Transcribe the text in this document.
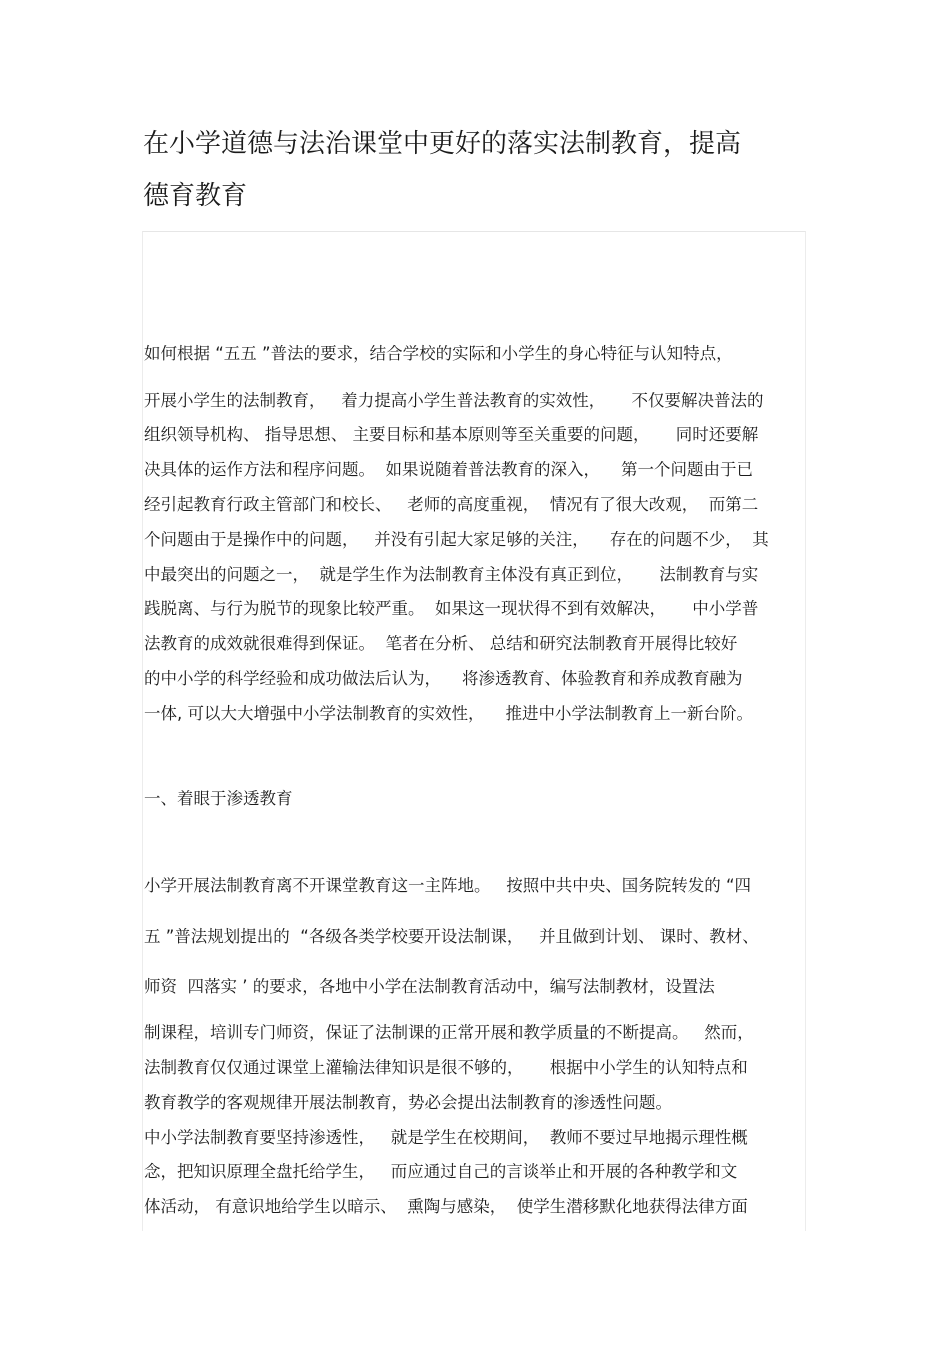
在小学道德与法治课堂中更好的落实法制教育，提高
德育教育
如何根据 “五五 ”普法的要求，结合学校的实际和小学生的身心特征与认知特点，
开展小学生的法制教育，   着力提高小学生普法教育的实效性，     不仅要解决普法的
组织领导机构、 指导思想、 主要目标和基本原则等至关重要的问题，     同时还要解
决具体的运作方法和程序问题。  如果说随着普法教育的深入，    第一个问题由于已
经引起教育行政主管部门和校长、   老师的高度重视，  情况有了很大改观，  而第二
个问题由于是操作中的问题，   并没有引起大家足够的关注，    存在的问题不少，  其
中最突出的问题之一，  就是学生作为法制教育主体没有真正到位，     法制教育与实
践脱离、与行为脱节的现象比较严重。  如果这一现状得不到有效解决，     中小学普
法教育的成效就很难得到保证。  笔者在分析、 总结和研究法制教育开展得比较好
的中小学的科学经验和成功做法后认为，    将渗透教育、体验教育和养成教育融为
一体, 可以大大增强中小学法制教育的实效性，    推进中小学法制教育上一新台阶。
一、着眼于渗透教育
小学开展法制教育离不开课堂教育这一主阵地。   按照中共中央、国务院转发的 “四
五 ”普法规划提出的  “各级各类学校要开设法制课，   并且做到计划、 课时、教材、
师资  四落实 ’ 的要求，各地中小学在法制教育活动中，编写法制教材，设置法
制课程，培训专门师资，保证了法制课的正常开展和教学质量的不断提高。   然而，
法制教育仅仅通过课堂上灌输法律知识是很不够的，     根据中小学生的认知特点和
教育教学的客观规律开展法制教育，势必会提出法制教育的渗透性问题。
中小学法制教育要坚持渗透性，   就是学生在校期间，  教师不要过早地揭示理性概
念，把知识原理全盘托给学生，   而应通过自己的言谈举止和开展的各种教学和文
体活动， 有意识地给学生以暗示、  熏陶与感染，  使学生潜移默化地获得法律方面
